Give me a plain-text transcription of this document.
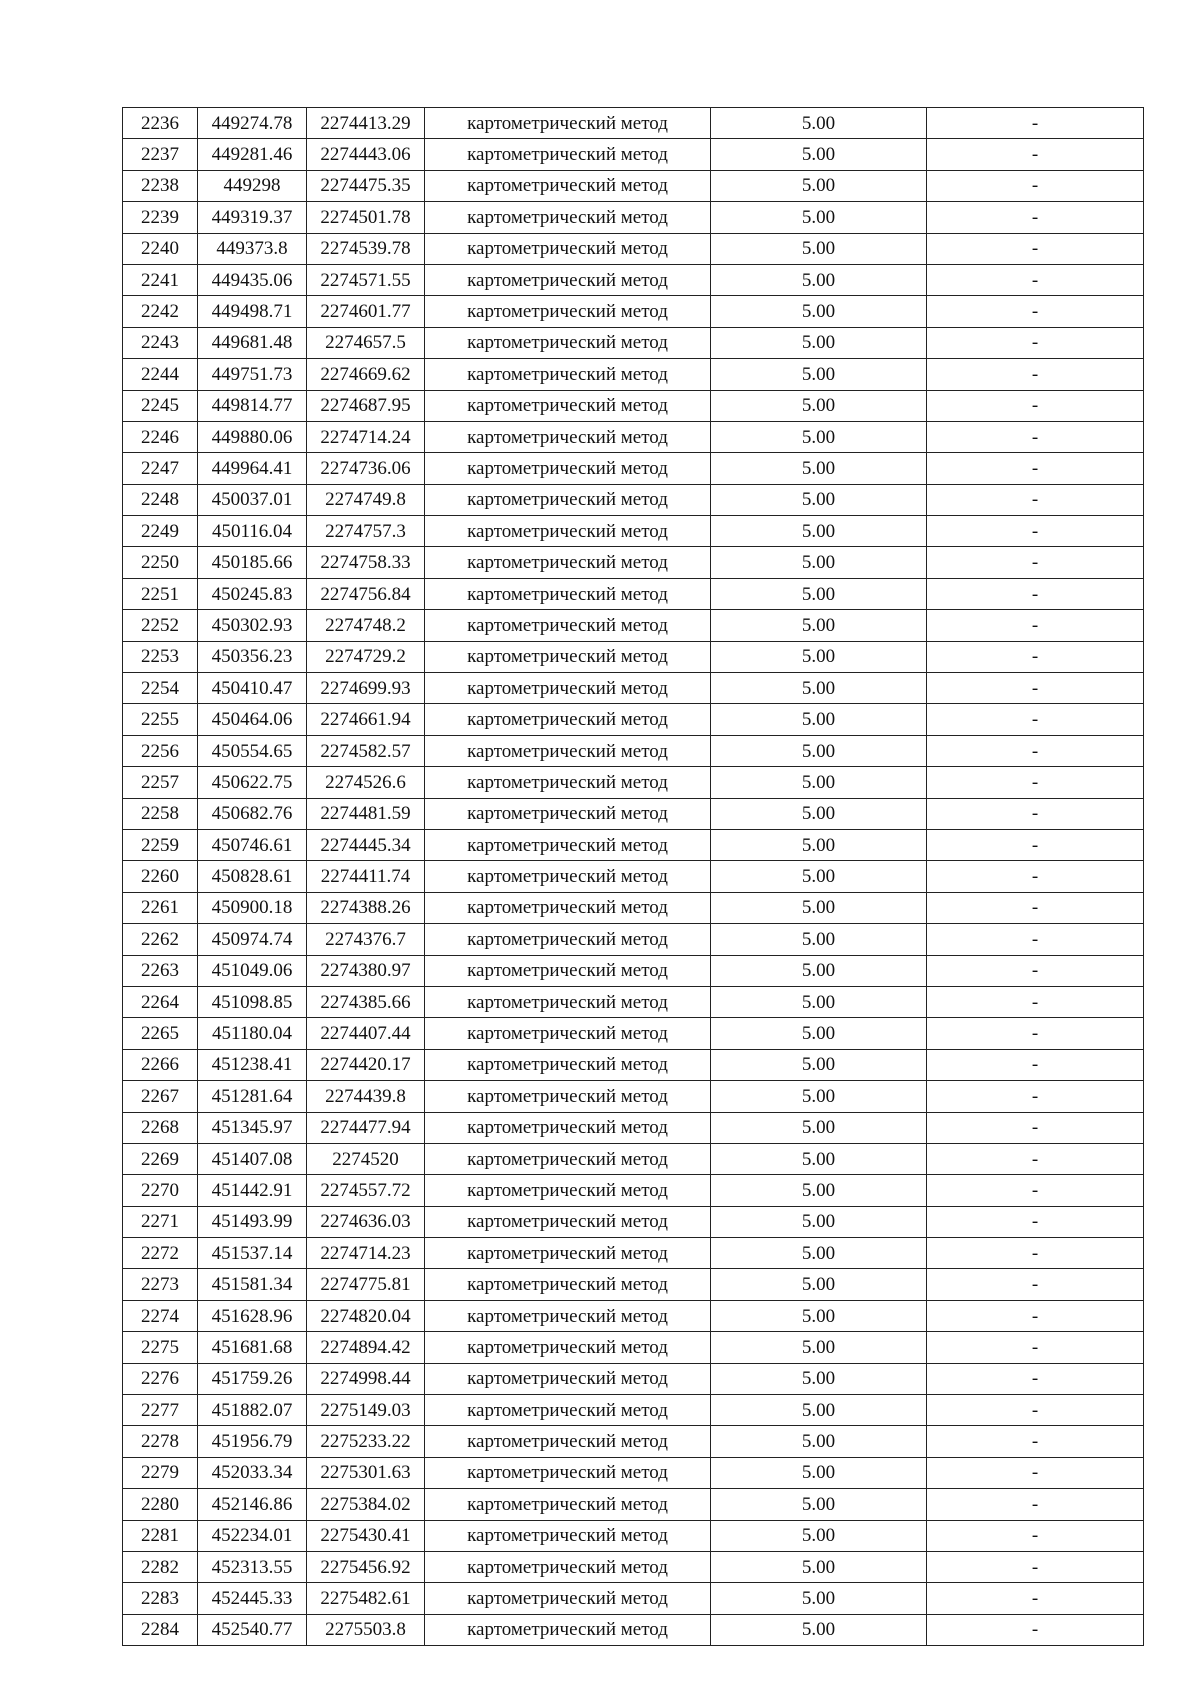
2236	449274.78	2274413.29	картометрический метод	5.00	-
2237	449281.46	2274443.06	картометрический метод	5.00	-
2238	449298	2274475.35	картометрический метод	5.00	-
2239	449319.37	2274501.78	картометрический метод	5.00	-
2240	449373.8	2274539.78	картометрический метод	5.00	-
2241	449435.06	2274571.55	картометрический метод	5.00	-
2242	449498.71	2274601.77	картометрический метод	5.00	-
2243	449681.48	2274657.5	картометрический метод	5.00	-
2244	449751.73	2274669.62	картометрический метод	5.00	-
2245	449814.77	2274687.95	картометрический метод	5.00	-
2246	449880.06	2274714.24	картометрический метод	5.00	-
2247	449964.41	2274736.06	картометрический метод	5.00	-
2248	450037.01	2274749.8	картометрический метод	5.00	-
2249	450116.04	2274757.3	картометрический метод	5.00	-
2250	450185.66	2274758.33	картометрический метод	5.00	-
2251	450245.83	2274756.84	картометрический метод	5.00	-
2252	450302.93	2274748.2	картометрический метод	5.00	-
2253	450356.23	2274729.2	картометрический метод	5.00	-
2254	450410.47	2274699.93	картометрический метод	5.00	-
2255	450464.06	2274661.94	картометрический метод	5.00	-
2256	450554.65	2274582.57	картометрический метод	5.00	-
2257	450622.75	2274526.6	картометрический метод	5.00	-
2258	450682.76	2274481.59	картометрический метод	5.00	-
2259	450746.61	2274445.34	картометрический метод	5.00	-
2260	450828.61	2274411.74	картометрический метод	5.00	-
2261	450900.18	2274388.26	картометрический метод	5.00	-
2262	450974.74	2274376.7	картометрический метод	5.00	-
2263	451049.06	2274380.97	картометрический метод	5.00	-
2264	451098.85	2274385.66	картометрический метод	5.00	-
2265	451180.04	2274407.44	картометрический метод	5.00	-
2266	451238.41	2274420.17	картометрический метод	5.00	-
2267	451281.64	2274439.8	картометрический метод	5.00	-
2268	451345.97	2274477.94	картометрический метод	5.00	-
2269	451407.08	2274520	картометрический метод	5.00	-
2270	451442.91	2274557.72	картометрический метод	5.00	-
2271	451493.99	2274636.03	картометрический метод	5.00	-
2272	451537.14	2274714.23	картометрический метод	5.00	-
2273	451581.34	2274775.81	картометрический метод	5.00	-
2274	451628.96	2274820.04	картометрический метод	5.00	-
2275	451681.68	2274894.42	картометрический метод	5.00	-
2276	451759.26	2274998.44	картометрический метод	5.00	-
2277	451882.07	2275149.03	картометрический метод	5.00	-
2278	451956.79	2275233.22	картометрический метод	5.00	-
2279	452033.34	2275301.63	картометрический метод	5.00	-
2280	452146.86	2275384.02	картометрический метод	5.00	-
2281	452234.01	2275430.41	картометрический метод	5.00	-
2282	452313.55	2275456.92	картометрический метод	5.00	-
2283	452445.33	2275482.61	картометрический метод	5.00	-
2284	452540.77	2275503.8	картометрический метод	5.00	-
